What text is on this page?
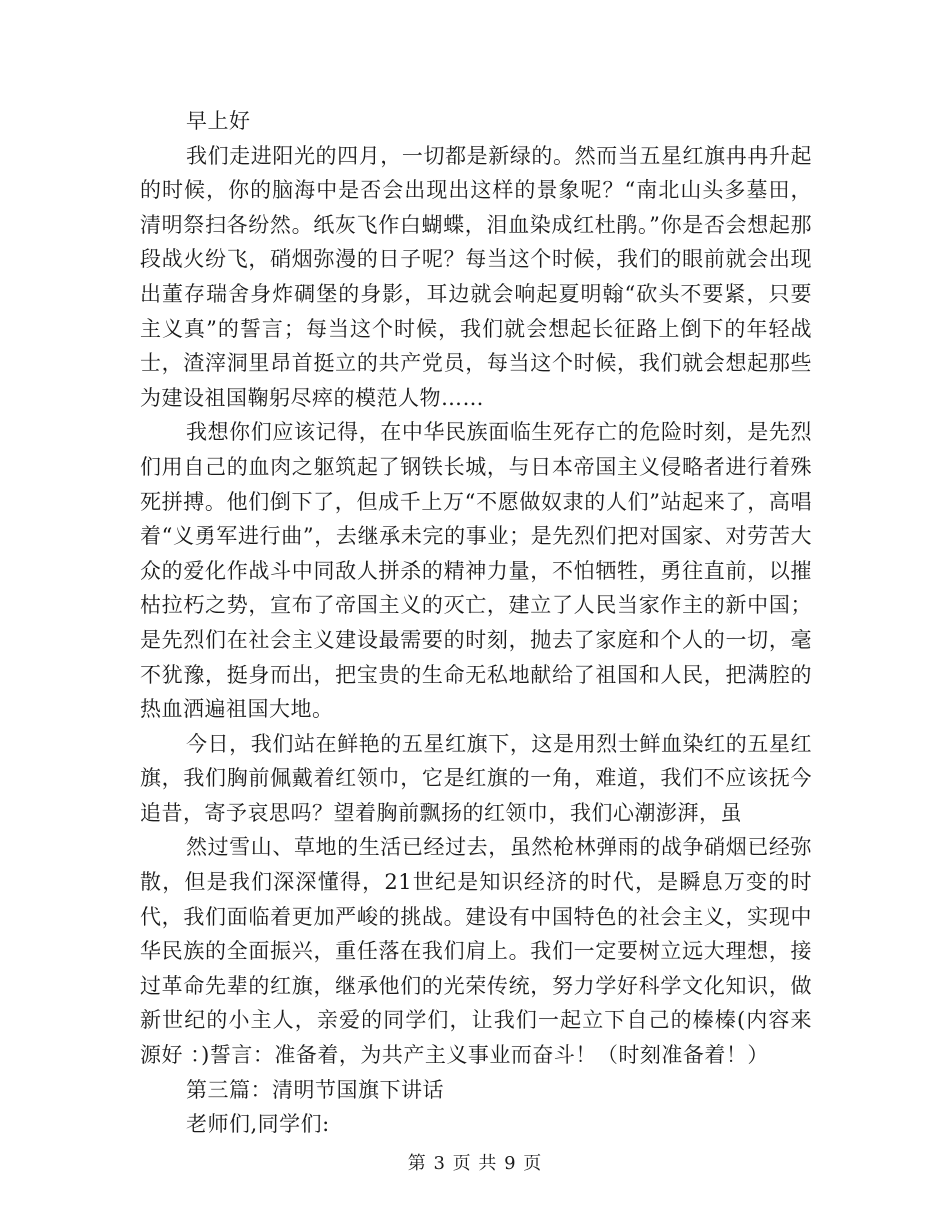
早上好

我们走进阳光的四月，一切都是新绿的。然而当五星红旗冉冉升起的时候，你的脑海中是否会出现出这样的景象呢？“南北山头多墓田，清明祭扫各纷然。纸灰飞作白蝴蝶，泪血染成红杜鹃。”你是否会想起那段战火纷飞，硝烟弥漫的日子呢？每当这个时候，我们的眼前就会出现出董存瑞舍身炸碉堡的身影，耳边就会响起夏明翰“砍头不要紧，只要主义真”的誓言；每当这个时候，我们就会想起长征路上倒下的年轻战士，渣滓洞里昂首挺立的共产党员，每当这个时候，我们就会想起那些为建设祖国鞠躬尽瘁的模范人物……

我想你们应该记得，在中华民族面临生死存亡的危险时刻，是先烈们用自己的血肉之躯筑起了钢铁长城，与日本帝国主义侵略者进行着殊死拼搏。他们倒下了，但成千上万“不愿做奴隶的人们”站起来了，高唱着“义勇军进行曲”，去继承未完的事业；是先烈们把对国家、对劳苦大众的爱化作战斗中同敌人拼杀的精神力量，不怕牺牲，勇往直前，以摧枯拉朽之势，宣布了帝国主义的灭亡，建立了人民当家作主的新中国；是先烈们在社会主义建设最需要的时刻，抛去了家庭和个人的一切，毫不犹豫，挺身而出，把宝贵的生命无私地献给了祖国和人民，把满腔的热血洒遍祖国大地。

今日，我们站在鲜艳的五星红旗下，这是用烈士鲜血染红的五星红旗，我们胸前佩戴着红领巾，它是红旗的一角，难道，我们不应该抚今追昔，寄予哀思吗？望着胸前飘扬的红领巾，我们心潮澎湃，虽

然过雪山、草地的生活已经过去，虽然枪林弹雨的战争硝烟已经弥散，但是我们深深懂得，21世纪是知识经济的时代，是瞬息万变的时代，我们面临着更加严峻的挑战。建设有中国特色的社会主义，实现中华民族的全面振兴，重任落在我们肩上。我们一定要树立远大理想，接过革命先辈的红旗，继承他们的光荣传统，努力学好科学文化知识，做新世纪的小主人，亲爱的同学们，让我们一起立下自己的榛榛(内容来源好 ：)誓言：准备着，为共产主义事业而奋斗！（时刻准备着！）

第三篇：清明节国旗下讲话

老师们,同学们:

第 3 页 共 9 页
